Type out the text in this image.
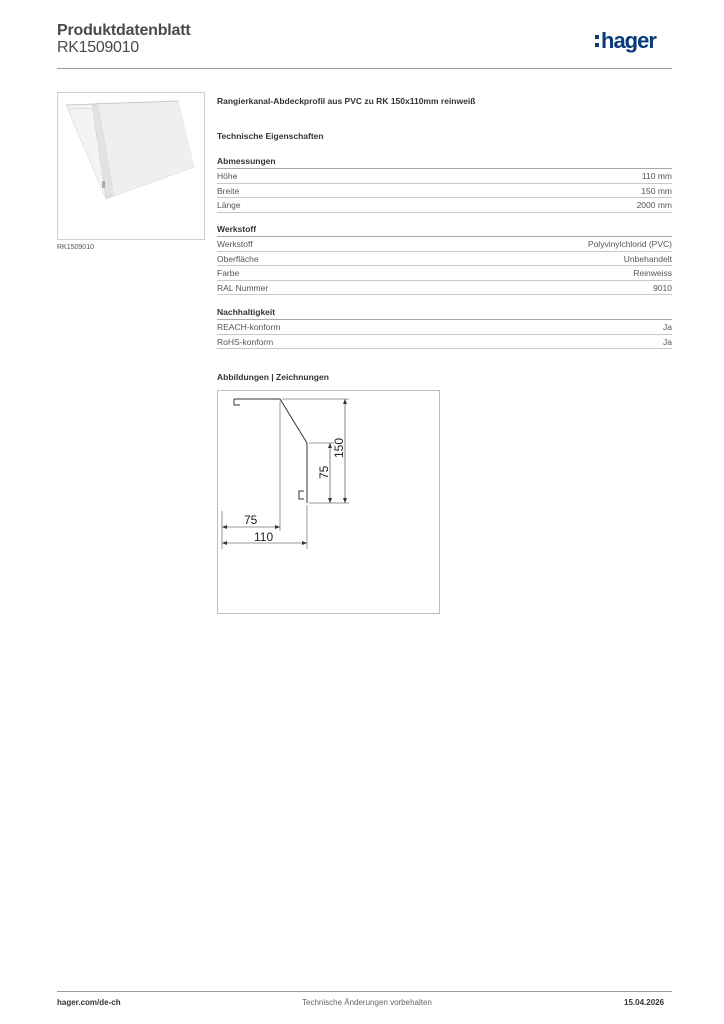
Produktdatenblatt
RK1509010	hager
RK1509010
Rangierkanal-Abdeckprofil aus PVC zu RK 150x110mm reinweiß
Technische Eigenschaften
Abmessungen
Höhe	110 mm
Breite	150 mm
Länge	2000 mm
Werkstoff
Werkstoff	Polyvinylchlorid (PVC)
Oberfläche	Unbehandelt
Farbe	Reinweiss
RAL Nummer	9010
Nachhaltigkeit
REACH-konform	Ja
RoHS-konform	Ja
Abbildungen | Zeichnungen
75
110
150
75
hager.com/de-ch	Technische Änderungen vorbehalten	15.04.2026
